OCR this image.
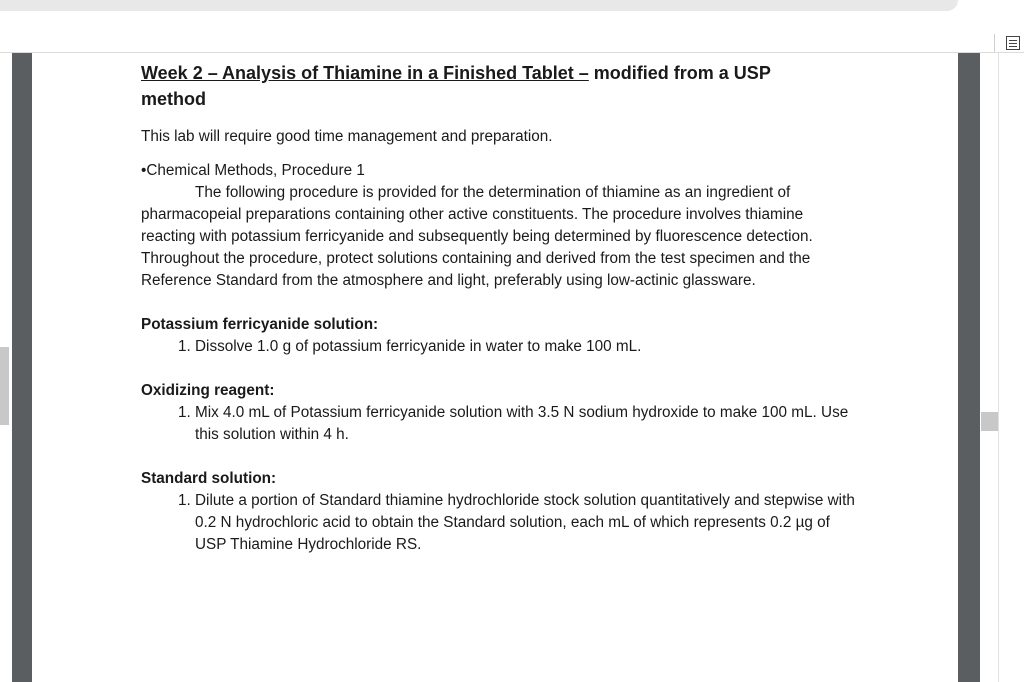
Week 2 – Analysis of Thiamine in a Finished Tablet – modified from a USP method

This lab will require good time management and preparation.

•Chemical Methods, Procedure 1

The following procedure is provided for the determination of thiamine as an ingredient of pharmacopeial preparations containing other active constituents. The procedure involves thiamine reacting with potassium ferricyanide and subsequently being determined by fluorescence detection. Throughout the procedure, protect solutions containing and derived from the test specimen and the Reference Standard from the atmosphere and light, preferably using low-actinic glassware.

Potassium ferricyanide solution:

1. Dissolve 1.0 g of potassium ferricyanide in water to make 100 mL.

Oxidizing reagent:

1. Mix 4.0 mL of Potassium ferricyanide solution with 3.5 N sodium hydroxide to make 100 mL. Use this solution within 4 h.

Standard solution:

1. Dilute a portion of Standard thiamine hydrochloride stock solution quantitatively and stepwise with 0.2 N hydrochloric acid to obtain the Standard solution, each mL of which represents 0.2 µg of USP Thiamine Hydrochloride RS.
